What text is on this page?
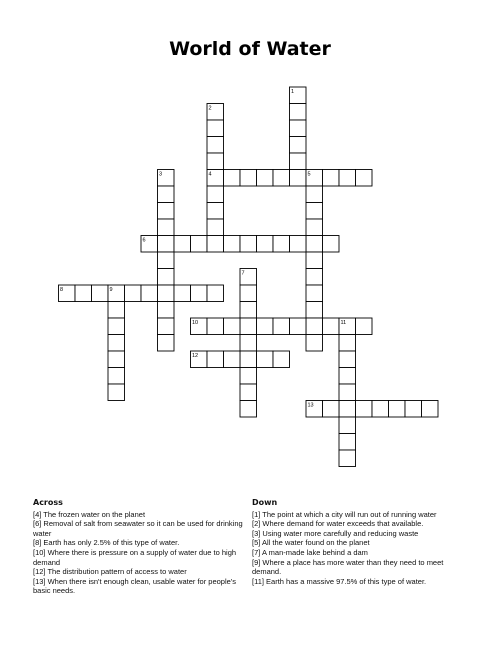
World of Water
1
2
3	4	5
6
7
8	9
10	11
12
13
Across
[4] The frozen water on the planet
[6] Removal of salt from seawater so it can be used for drinking water
[8] Earth has only 2.5% of this type of water.
[10] Where there is pressure on a supply of water due to high demand
[12] The distribution pattern of access to water
[13] When there isn't enough clean, usable water for people's basic needs.
Down
[1] The point at which a city will run out of running water
[2] Where demand for water exceeds that available.
[3] Using water more carefully and reducing waste
[5] All the water found on the planet
[7] A man-made lake behind a dam
[9] Where a place has more water than they need to meet demand.
[11] Earth has a massive 97.5% of this type of water.
